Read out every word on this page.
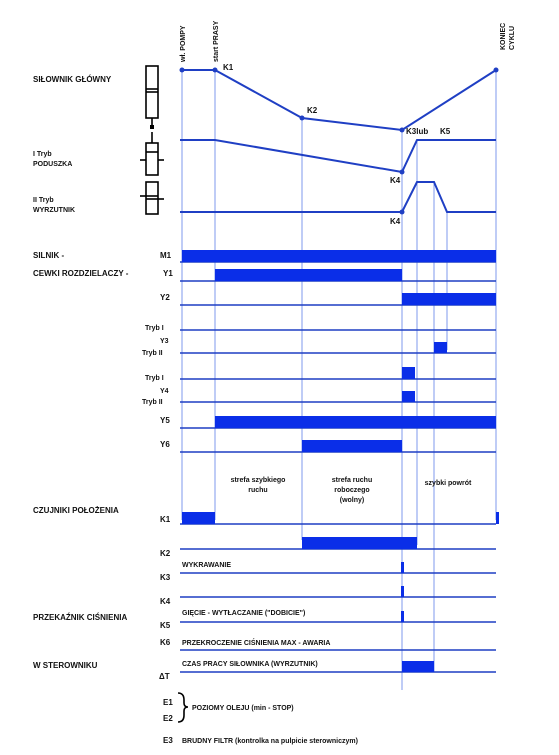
wł. POMPY	start PRASY	KONIEC CYKLU
SIŁOWNIK GŁÓWNY
I Tryb
PODUSZKA
II Tryb
WYRZUTNIK
K1
K2
K3lub K5
K4
K4
SILNIK -
CEWKI ROZDZIELACZY -
M1
Y1
Y2
Tryb I
Y3
Tryb II
Tryb I
Y4
Tryb II
Y5
Y6
strefa szybkiego
ruchu
strefa ruchu
roboczego
(wolny)
szybki powrót
CZUJNIKI POŁOŻENIA
K1
K2
WYKRAWANIE
K3
K4
PRZEKAŹNIK CIŚNIENIA	GIĘCIE - WYTŁACZANIE ("DOBICIE")
K5
K6 PRZEKROCZENIE CIŚNIENIA MAX - AWARIA
W STEROWNIKU
ΔT
CZAS PRACY SIŁOWNIKA (WYRZUTNIK)
E1
E2
POZIOMY OLEJU (min - STOP)
E3 BRUDNY FILTR (kontrolka na pulpicie sterowniczym)
